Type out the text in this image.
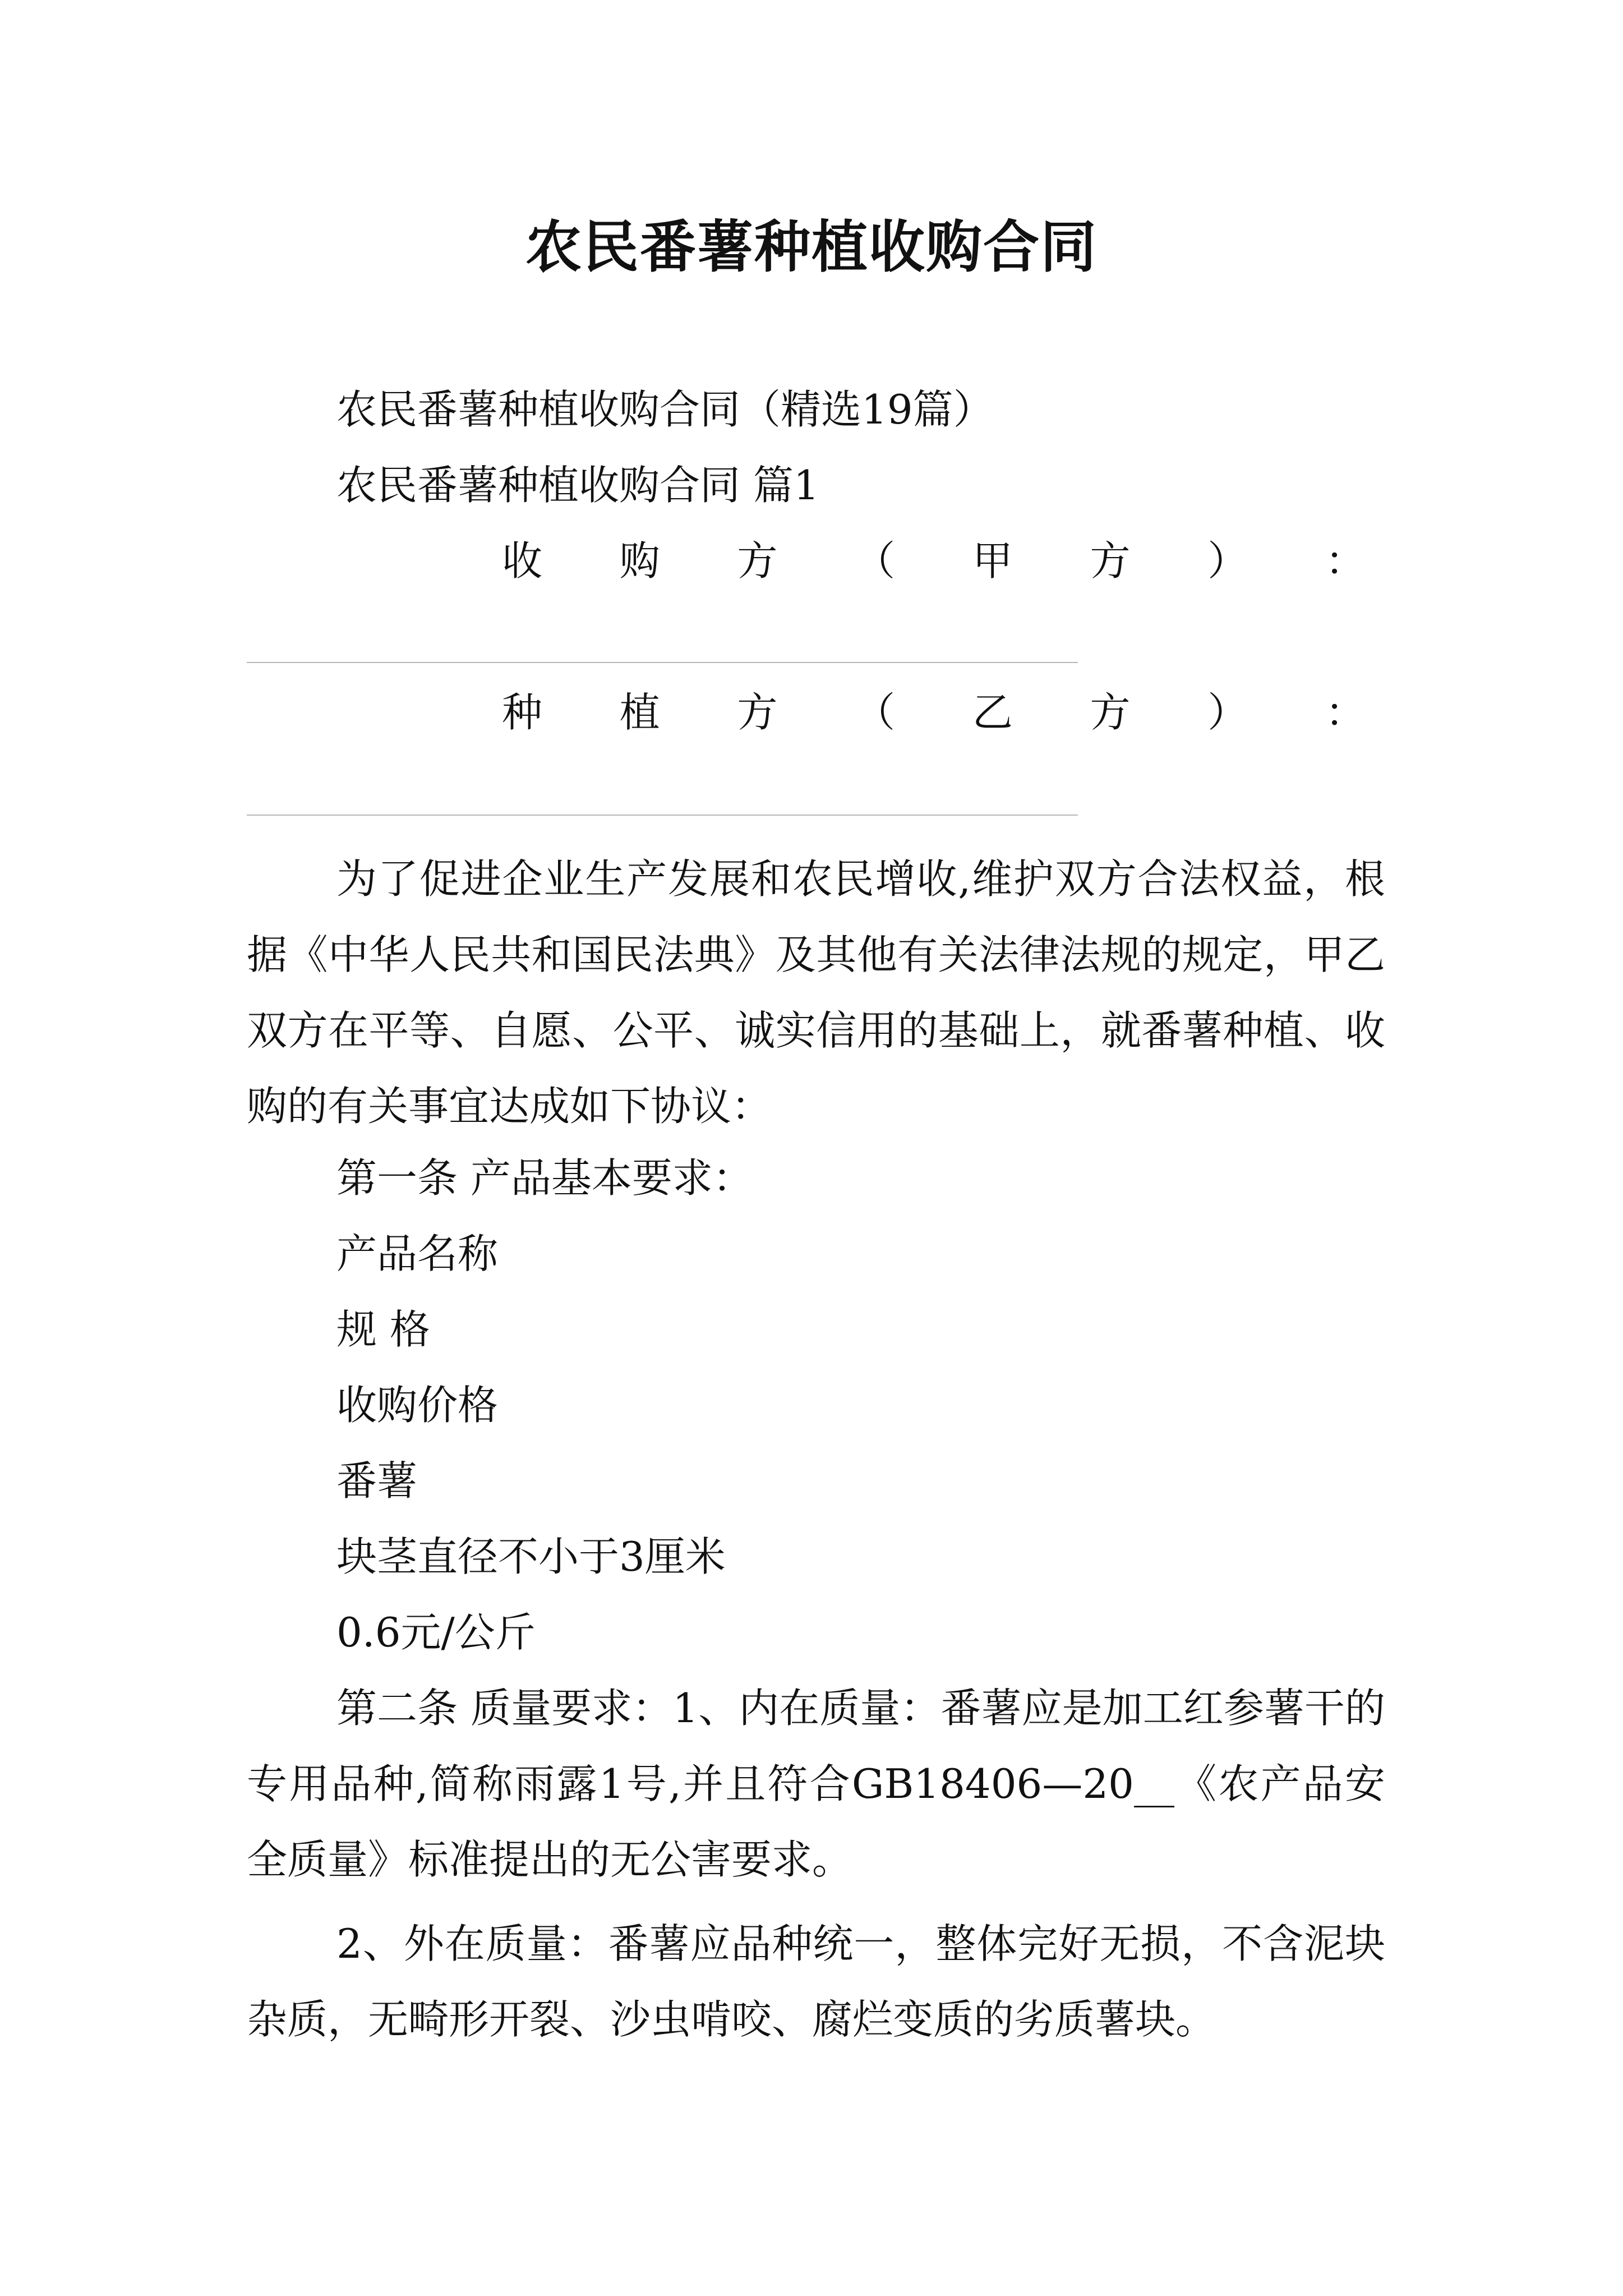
农民番薯种植收购合同
农民番薯种植收购合同（精选19篇）
农民番薯种植收购合同 篇1
收 购 方 （ 甲 方 ） ：
种 植 方 （ 乙 方 ） ：
为了促进企业生产发展和农民增收,维护双方合法权益，根据《中华人民共和国民法典》及其他有关法律法规的规定，甲乙双方在平等、自愿、公平、诚实信用的基础上，就番薯种植、收购的有关事宜达成如下协议：
第一条 产品基本要求：
产品名称
规 格
收购价格
番薯
块茎直径不小于3厘米
0.6元/公斤
第二条 质量要求：1、内在质量：番薯应是加工红参薯干的专用品种,简称雨露1号,并且符合GB18406—20__《农产品安全质量》标准提出的无公害要求。
2、外在质量：番薯应品种统一，整体完好无损，不含泥块杂质，无畸形开裂、沙虫啃咬、腐烂变质的劣质薯块。
